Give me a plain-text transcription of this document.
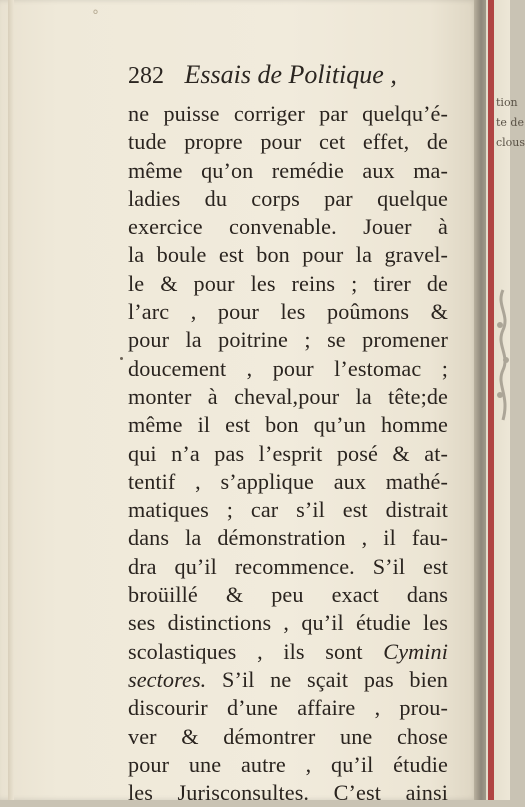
°
282 Essais de Politique ,
ne puisse corriger par quelqu’é-
tude propre pour cet effet, de
même qu’on remédie aux ma-
ladies du corps par quelque
exercice convenable. Jouer à
la boule est bon pour la gravel-
le & pour les reins ; tirer de
l’arc , pour les poûmons &
pour la poitrine ; se promener
doucement , pour l’estomac ;
monter à cheval,pour la tête;de
même il est bon qu’un homme
qui n’a pas l’esprit posé & at-
tentif , s’applique aux mathé-
matiques ; car s’il est distrait
dans la démonstration , il fau-
dra qu’il recommence. S’il est
broüillé & peu exact dans
ses distinctions , qu’il étudie les
scolastiques , ils sont Cymini
sectores. S’il ne sçait pas bien
discourir d’une affaire , prou-
ver & démontrer une chose
pour une autre , qu’il étudie
les Jurisconsultes. C’est ainsi
tion
te de
clous
